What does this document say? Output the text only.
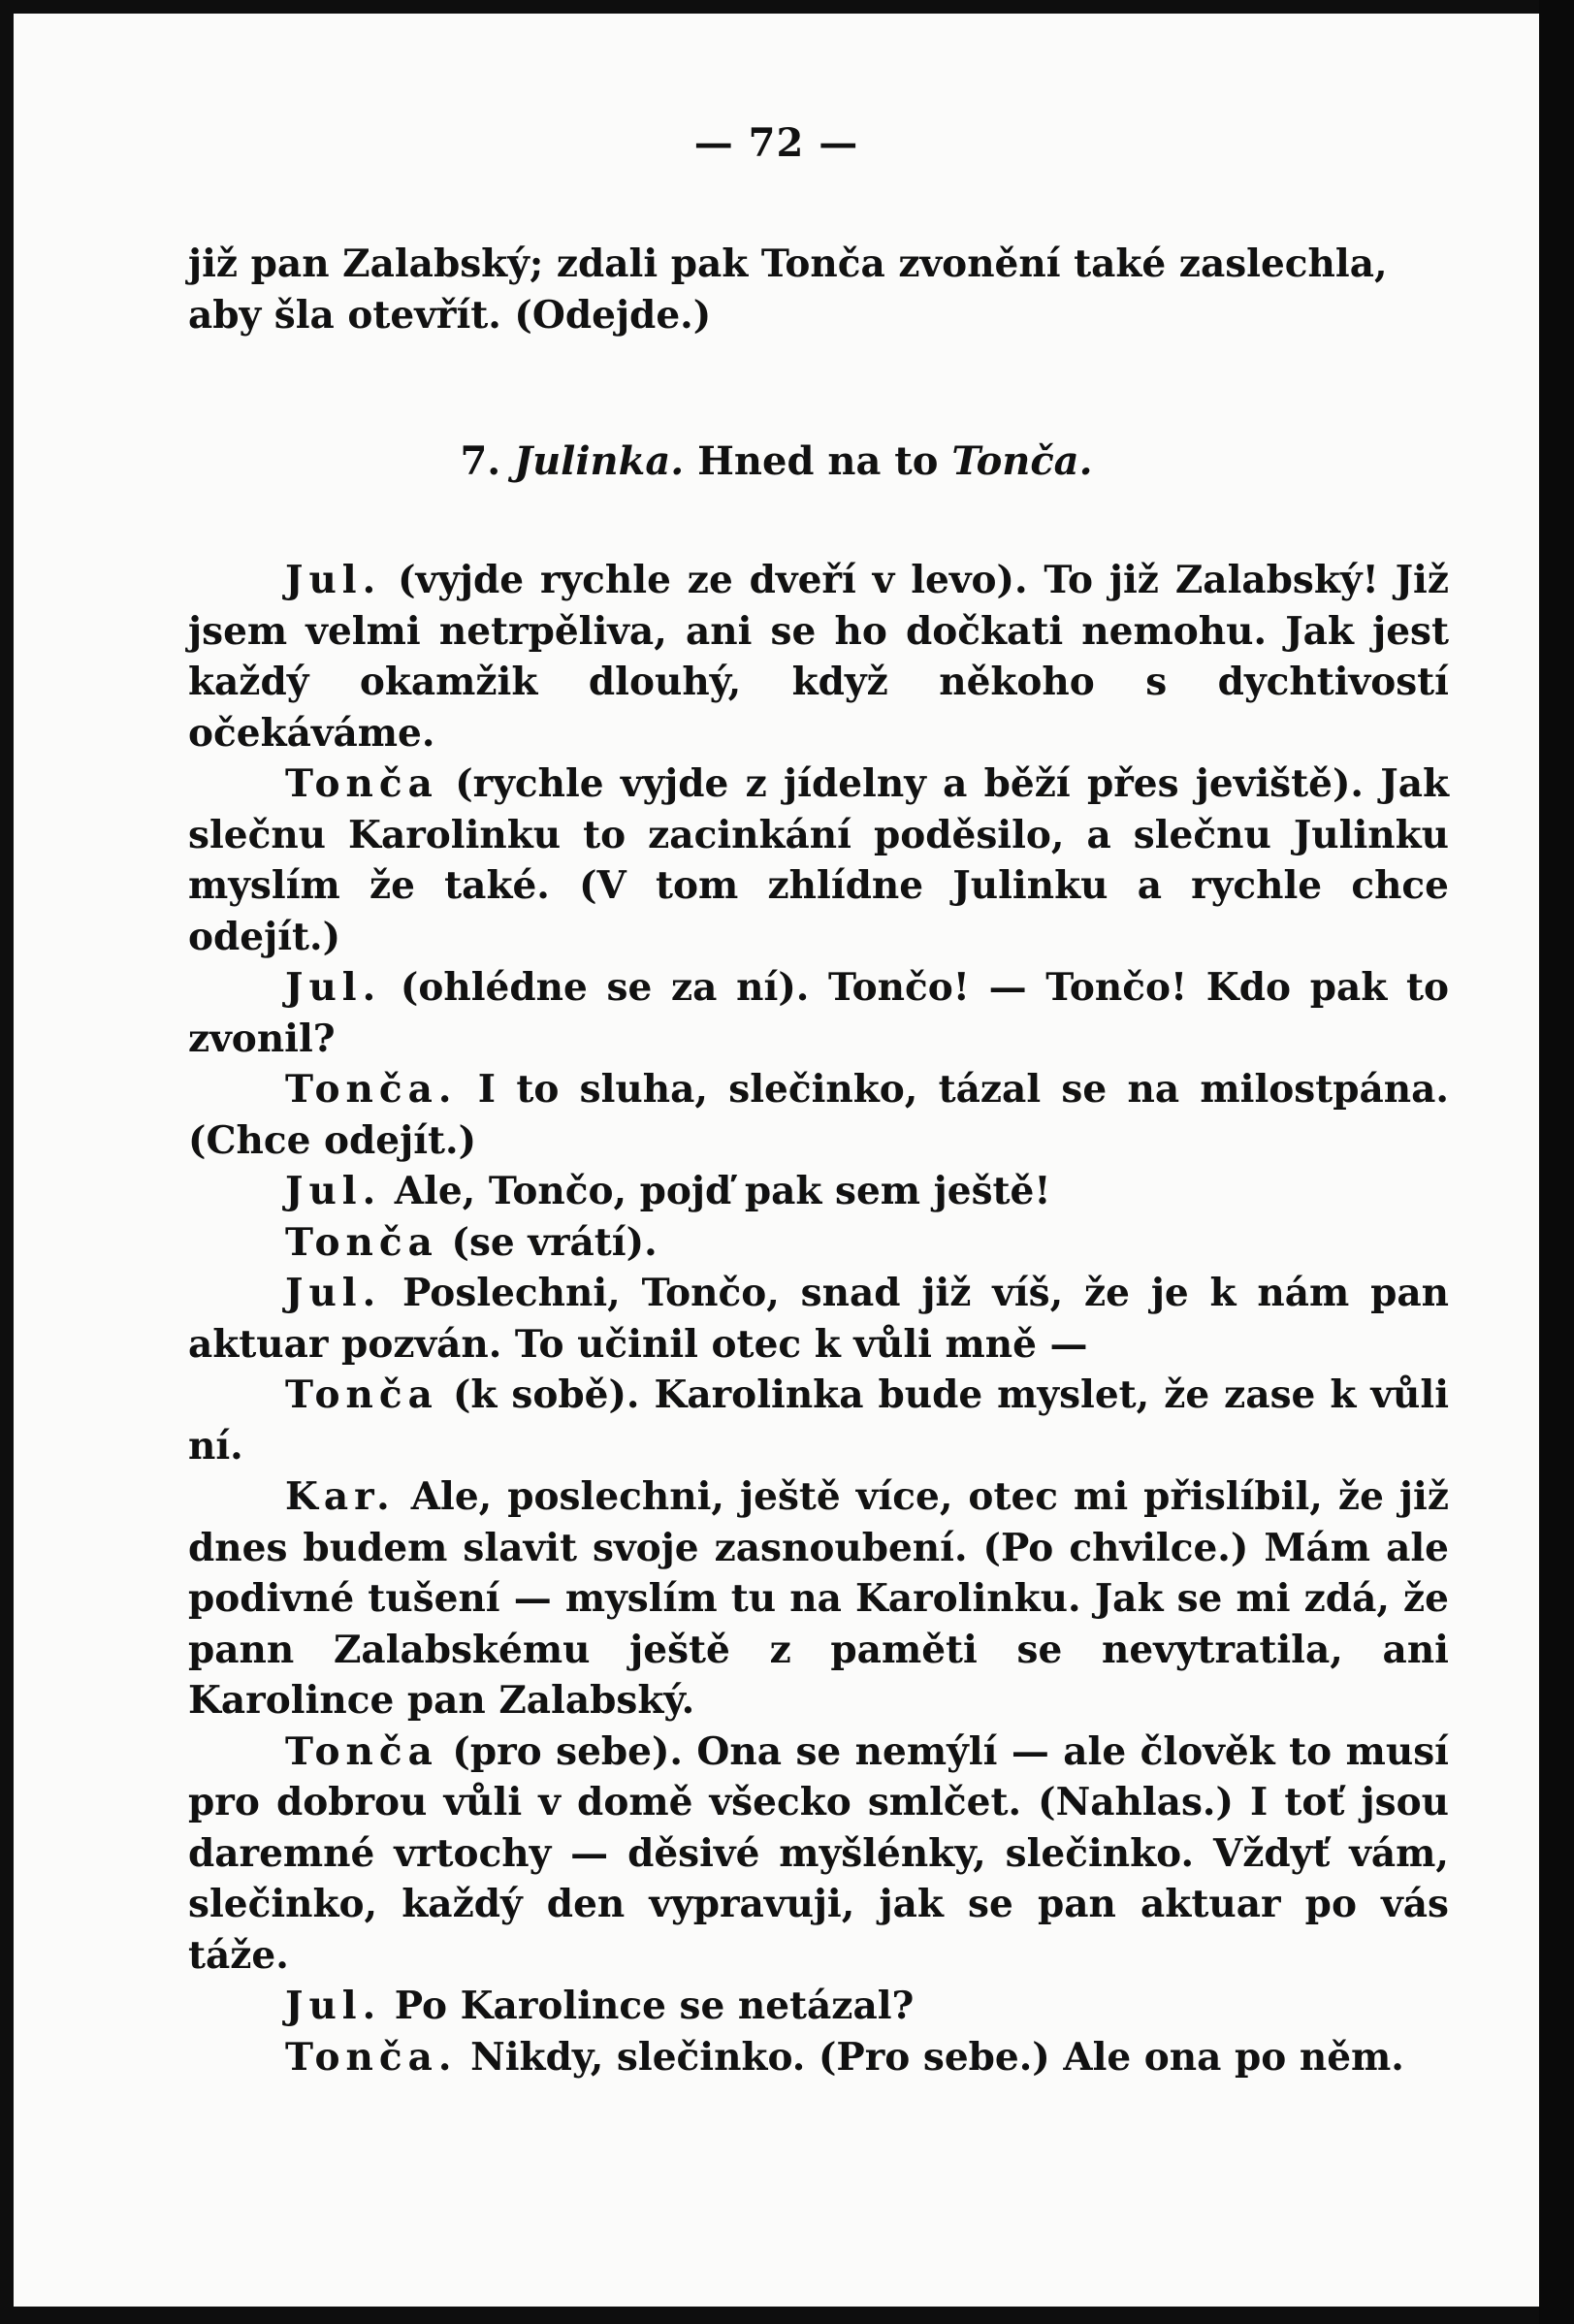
— 72 —

již pan Zalabský; zdali pak Tonča zvonění také zaslechla,

aby šla otevřít. (Odejde.)

7. Julinka. Hned na to Tonča.

Jul. (vyjde rychle ze dveří v levo). To již Zalabský! Již jsem velmi netrpěliva, ani se ho dočkati nemohu. Jak jest každý okamžik dlouhý, když někoho s dychtivostí očekáváme.

Tonča (rychle vyjde z jídelny a běží přes jeviště). Jak slečnu Karolinku to zacinkání poděsilo, a slečnu Julinku myslím že také. (V tom zhlídne Julinku a rychle chce odejít.)

Jul. (ohlédne se za ní). Tončo! — Tončo! Kdo pak to zvonil?

Tonča. I to sluha, slečinko, tázal se na milostpána. (Chce odejít.)

Jul. Ale, Tončo, pojď pak sem ještě!

Tonča (se vrátí).

Jul. Poslechni, Tončo, snad již víš, že je k nám pan aktuar pozván. To učinil otec k vůli mně —

Tonča (k sobě). Karolinka bude myslet, že zase k vůli ní.

Kar. Ale, poslechni, ještě více, otec mi přislíbil, že již dnes budem slavit svoje zasnoubení. (Po chvilce.) Mám ale podivné tušení — myslím tu na Karolinku. Jak se mi zdá, že pann Zalabskému ještě z paměti se nevytratila, ani Karolince pan Zalabský.

Tonča (pro sebe). Ona se nemýlí — ale člověk to musí pro dobrou vůli v domě všecko smlčet. (Nahlas.) I toť jsou daremné vrtochy — děsivé myšlénky, slečinko. Vždyť vám, slečinko, každý den vypravuji, jak se pan aktuar po vás táže.

Jul. Po Karolince se netázal?

Tonča. Nikdy, slečinko. (Pro sebe.) Ale ona po něm.
